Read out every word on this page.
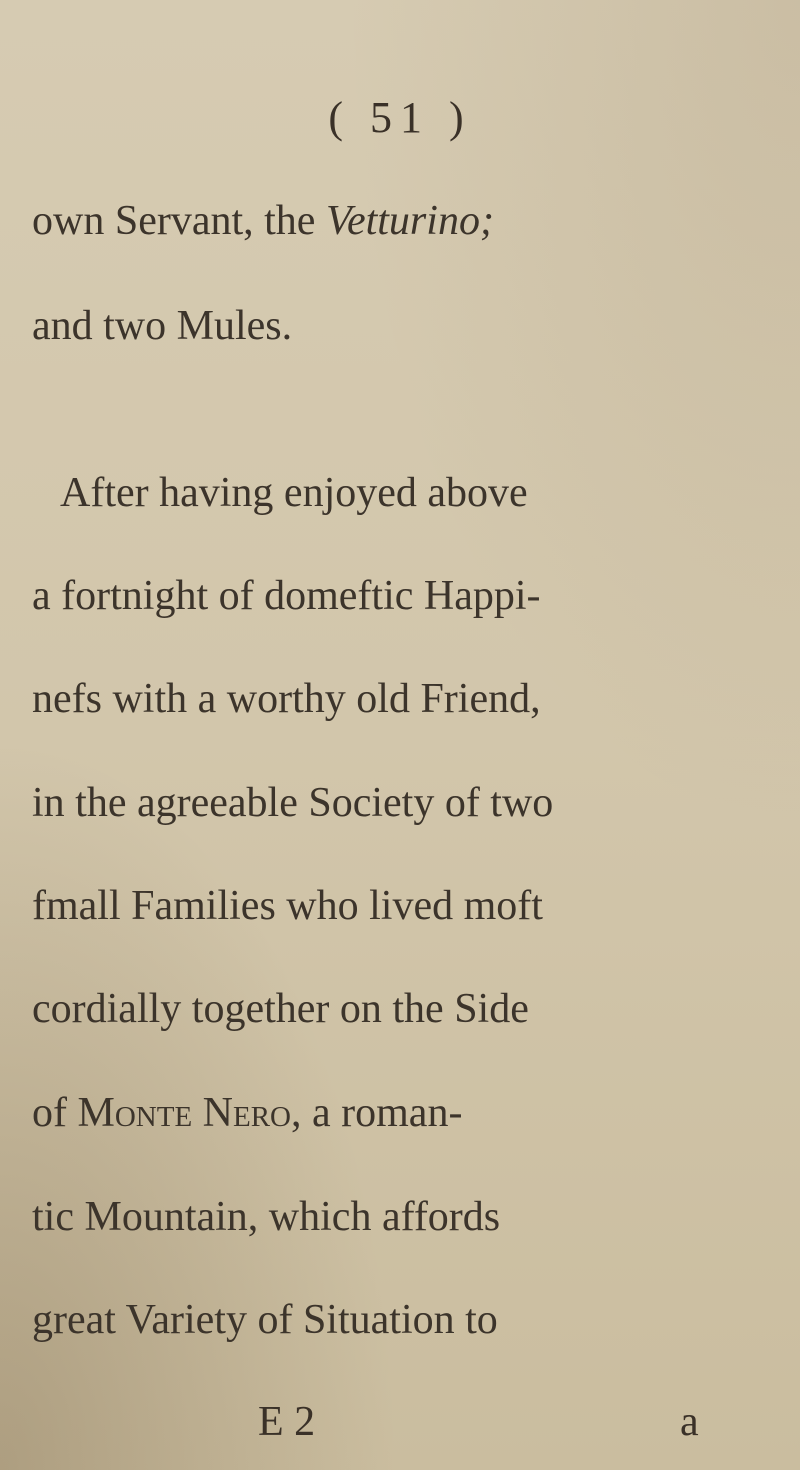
( 51 )
own Servant, the Vetturino;
and two Mules.
After having enjoyed above
a fortnight of domeftic Happi-
nefs with a worthy old Friend,
in the agreeable Society of two
fmall Families who lived moft
cordially together on the Side
of Monte Nero, a roman-
tic Mountain, which affords
great Variety of Situation to
E 2	a
